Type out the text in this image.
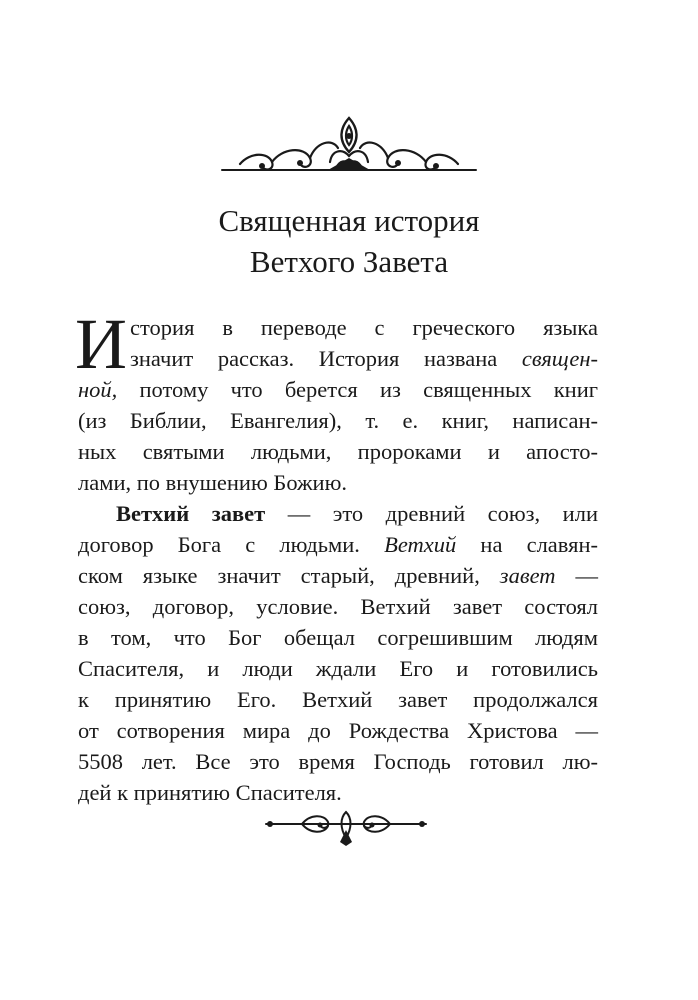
Священная история
Ветхого Завета
И стория в переводе с греческого языка
значит рассказ. История названа священ-
ной, потому что берется из священных книг
(из Библии, Евангелия), т. е. книг, написан-
ных святыми людьми, пророками и апосто-
лами, по внушению Божию.
Ветхий завет — это древний союз, или
договор Бога с людьми. Ветхий на славян-
ском языке значит старый, древний, завет —
союз, договор, условие. Ветхий завет состоял
в том, что Бог обещал согрешившим людям
Спасителя, и люди ждали Его и готовились
к принятию Его. Ветхий завет продолжался
от сотворения мира до Рождества Христова —
5508 лет. Все это время Господь готовил лю-
дей к принятию Спасителя.
